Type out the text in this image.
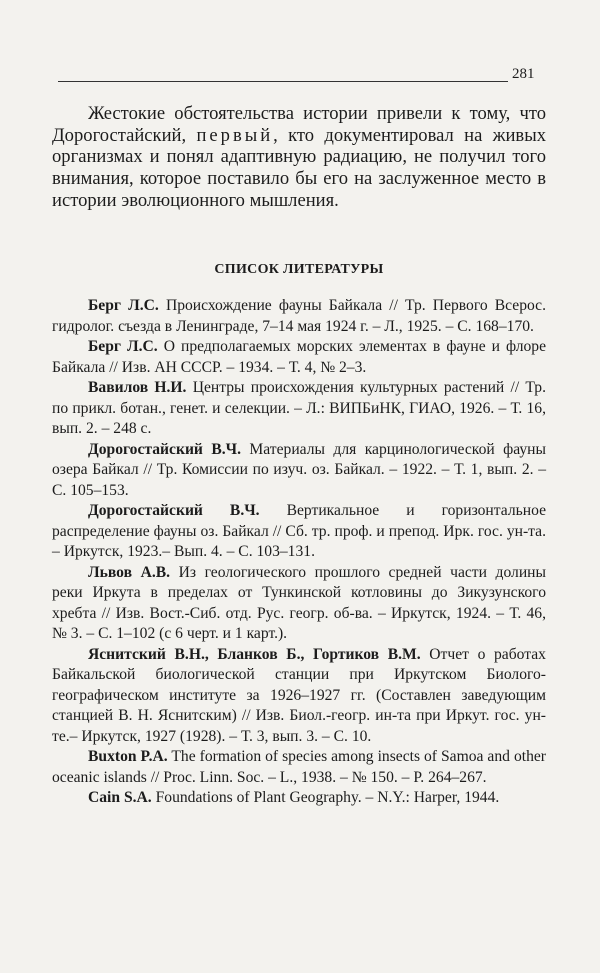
281

Жестокие обстоятельства истории привели к тому, что Дорогостайский, первый, кто документировал на живых организмах и понял адаптивную радиацию, не получил того внимания, которое поставило бы его на заслуженное место в истории эволюционного мышления.

СПИСОК ЛИТЕРАТУРЫ

Берг Л.С. Происхождение фауны Байкала // Тр. Первого Всерос. гидролог. съезда в Ленинграде, 7–14 мая 1924 г. – Л., 1925. – С. 168–170.

Берг Л.С. О предполагаемых морских элементах в фауне и флоре Байкала // Изв. АН СССР. – 1934. – Т. 4, № 2–3.

Вавилов Н.И. Центры происхождения культурных растений // Тр. по прикл. ботан., генет. и селекции. – Л.: ВИПБиНК, ГИАО, 1926. – Т. 16, вып. 2. – 248 с.

Дорогостайский В.Ч. Материалы для карцинологической фауны озера Байкал // Тр. Комиссии по изуч. оз. Байкал. – 1922. – Т. 1, вып. 2. – С. 105–153.

Дорогостайский В.Ч. Вертикальное и горизонтальное распределение фауны оз. Байкал // Сб. тр. проф. и препод. Ирк. гос. ун-та. – Иркутск, 1923.– Вып. 4. – С. 103–131.

Львов А.В. Из геологического прошлого средней части долины реки Иркута в пределах от Тункинской котловины до Зикузунского хребта // Изв. Вост.-Сиб. отд. Рус. геогр. об-ва. – Иркутск, 1924. – Т. 46, № 3. – С. 1–102 (с 6 черт. и 1 карт.).

Яснитский В.Н., Бланков Б., Гортиков В.М. Отчет о работах Байкальской биологической станции при Иркутском Биолого-географическом институте за 1926–1927 гг. (Составлен заведующим станцией В. Н. Яснитским) // Изв. Биол.-геогр. ин-та при Иркут. гос. ун-те.– Иркутск, 1927 (1928). – Т. 3, вып. 3. – С. 10.

Buxton P.A. The formation of species among insects of Samoa and other oceanic islands // Proc. Linn. Soc. – L., 1938. – № 150. – P. 264–267.

Cain S.A. Foundations of Plant Geography. – N.Y.: Harper, 1944.
